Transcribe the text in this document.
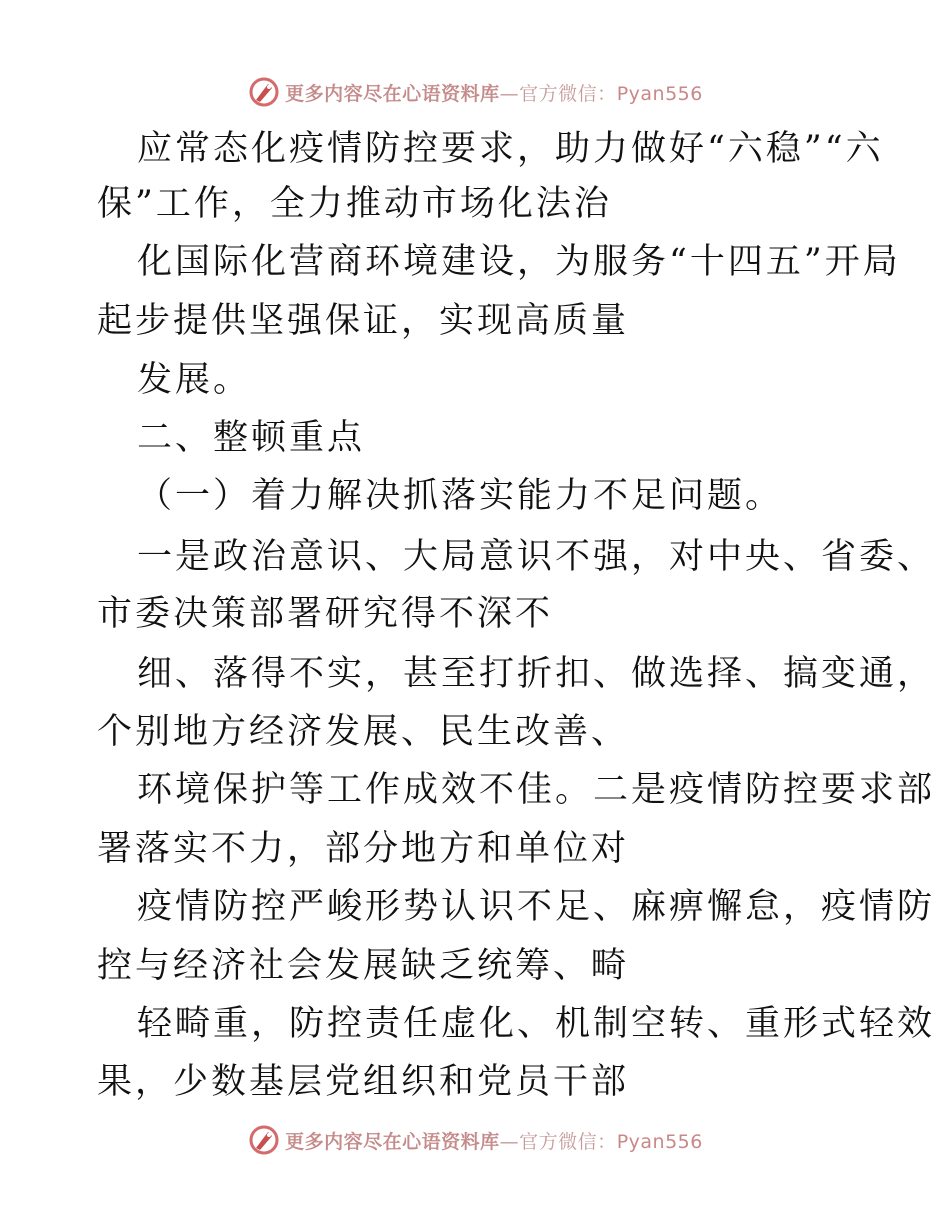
更多内容尽在心语资料库—官方微信：Pyan556
应常态化疫情防控要求，助力做好“六稳”“六
保”工作，全力推动市场化法治
化国际化营商环境建设，为服务“十四五”开局
起步提供坚强保证，实现高质量
发展。
二、整顿重点
（一）着力解决抓落实能力不足问题。
一是政治意识、大局意识不强，对中央、省委、
市委决策部署研究得不深不
细、落得不实，甚至打折扣、做选择、搞变通，
个别地方经济发展、民生改善、
环境保护等工作成效不佳。二是疫情防控要求部
署落实不力，部分地方和单位对
疫情防控严峻形势认识不足、麻痹懈怠，疫情防
控与经济社会发展缺乏统筹、畸
轻畸重，防控责任虚化、机制空转、重形式轻效
果，少数基层党组织和党员干部
更多内容尽在心语资料库—官方微信：Pyan556
